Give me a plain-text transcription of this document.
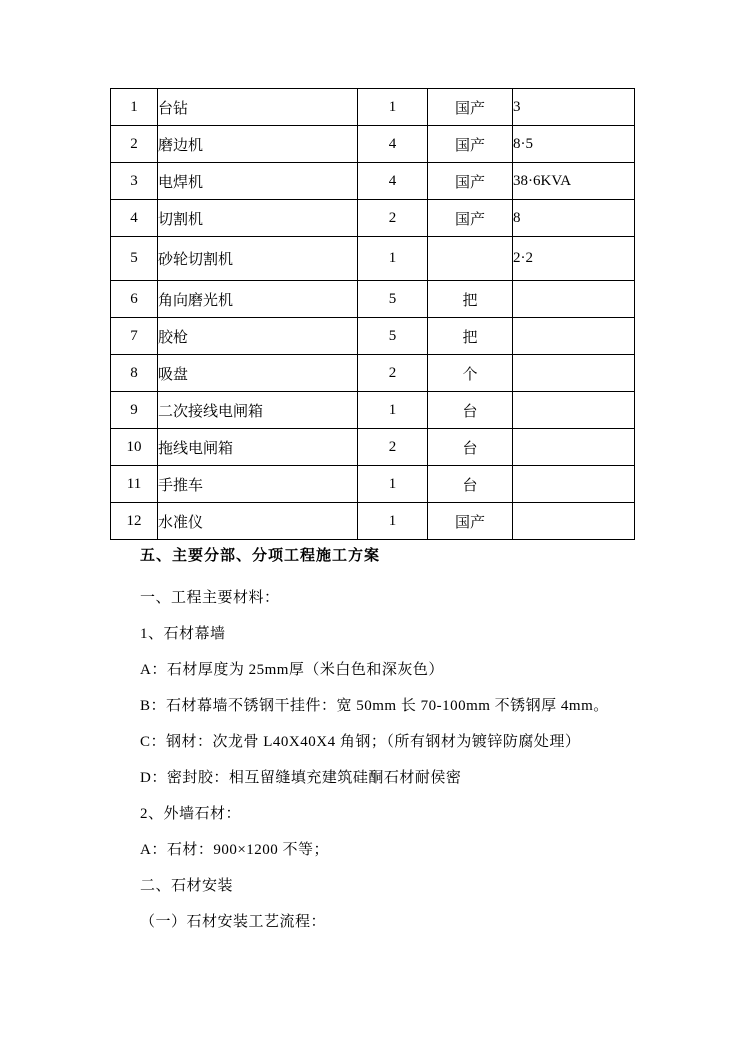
1	台钻	1	国产	3
2	磨边机	4	国产	8·5
3	电焊机	4	国产	38·6KVA
4	切割机	2	国产	8
5	砂轮切割机	1		2·2
6	角向磨光机	5	把	
7	胶枪	5	把	
8	吸盘	2	个	
9	二次接线电闸箱	1	台	
10	拖线电闸箱	2	台	
11	手推车	1	台	
12	水准仪	1	国产	
五、主要分部、分项工程施工方案

一、工程主要材料：

1、石材幕墙

A：石材厚度为 25mm厚（米白色和深灰色）

B：石材幕墙不锈钢干挂件：宽 50mm 长 70-100mm 不锈钢厚 4mm。

C：钢材：次龙骨 L40X40X4 角钢；（所有钢材为镀锌防腐处理）

D：密封胶：相互留缝填充建筑硅酮石材耐侯密

2、外墙石材：

A：石材：900×1200 不等；

二、石材安装

（一）石材安装工艺流程：
